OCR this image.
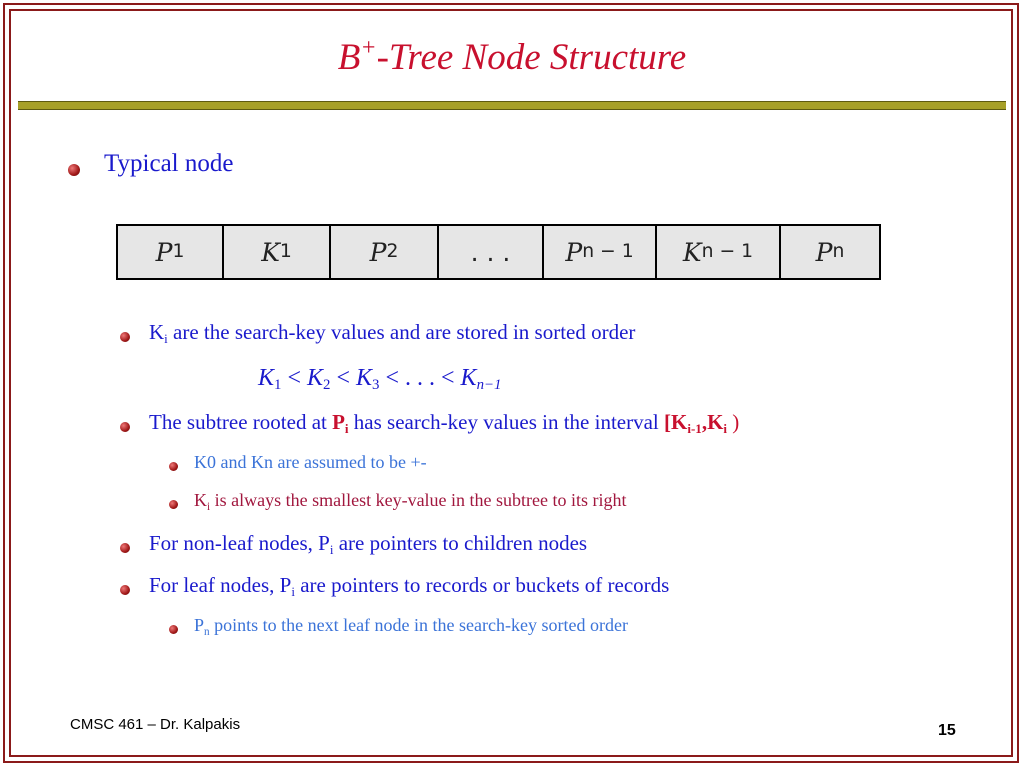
B+-Tree Node Structure
Typical node
P 1	K 1	P 2	. . . P n − 1 K n − 1	P n
$K_i$ are the search-key values and are stored in sorted order
$K_1 < K_2 < K_3$ < . . . < $K_{n-1}$
The subtree rooted at $P_i$ has search-key values in the interval [$K_{i-1},K_i$ )
K0 and Kn are assumed to be +-
$K_i$ is always the smallest key-value in the subtree to its right
For non-leaf nodes, $P_i$ are pointers to children nodes
For leaf nodes, $P_i$ are pointers to records or buckets of records
$P_n$ points to the next leaf node in the search-key sorted order
CMSC 461 – Dr. Kalpakis	15
